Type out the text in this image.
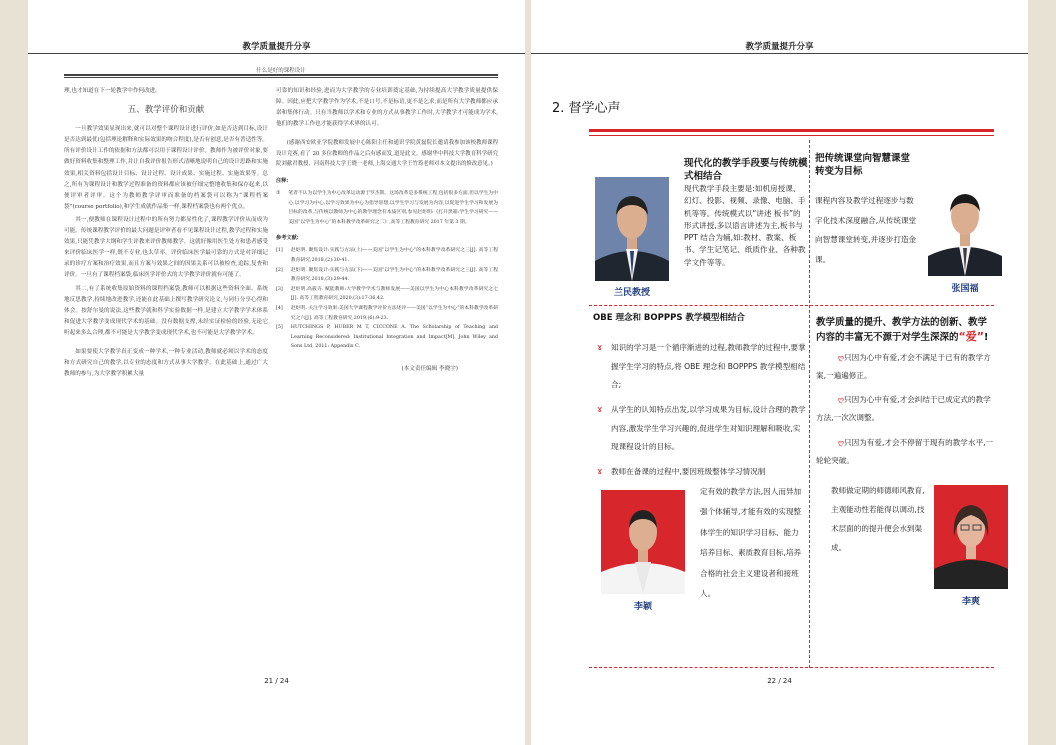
教学质量提升分享
什么是好的课程设计

理,也才知道在下一轮教学中作何改进。

五、教学评价和贡献

一旦教学效果显现出来,就可以对整个课程设计进行评价,如是否达到目标,设计是否达到最优(包括理论解释和实际效果的吻合程度),是否有创意,是否有普适性等。所有评价设计工作的依据和方法都可以用于课程设计评价。教师作为被评价对象,要做好资料收集和整理工作,并让自我评价报告形式清晰地说明自己的设计思路和实施效果,相关资料包括设计目标、设计过程、设计成果、实施过程、实施效果等。总之,所有为课程设计和教学过程准备的资料都应该被仔细完整地收集和保存起来,以便评审者评审。这个为教师教学评审而准备的档案袋可以称为“课程档案袋”(course portfolio),和学生成就作品集一样,课程档案袋也有两个优点。

其一,便教师在课程设计过程中的所有努力都显性化了,课程教学评价从而成为可能。传统课程教学评价的最大问题是评审者看不见课程设计过程,教学过程和实施效果,只能凭教学大纲和学生评教来评价教师教学。这就好像用医生处方和患者感受来评价临床医学一样,既不专业,也太草率。评价临床医学最可靠的方式是对详细记录的诊疗方案和治疗效果,而且方案与效果之间的因果关系可以被检查,追踪,复查和评价。一旦有了课程档案袋,临床医学评价式的大学教学评价就有可能了。

其二,有了系统收集原始资料的课程档案袋,教师可以根据这些资料全面、系统地反思教学,持续地改进教学,还能在此基础上撰写教学研究论文,与同行分享心得和体会。按舒尔曼的说法,这些教学就和科学实验数据一样,是建立大学教学学术体系和促进大学教学变成现代学术的基础。没有数据支撑,未经实证检验的经验,无论它听起来多么合理,都不可能是大学教学变成现代学术,也不可能是大学教学学术。

如果要使大学教学真正变成一种学术,一种专业活动,教师就必须以学术的态度和方式研究自己的教学,以专业的态度和方式从事大学教学。在此基础上,通过广大教师的参与,为大学教学积累大量

可靠的知识和经验,进而为大学教学的专业培训奠定基础,为持续提高大学教学质量提供保障。因此,应把大学教学作为学术,不是口号,不是标语,更不是乞求,而是所有大学教师都应承诺和集体行动。只有当教师以学术和专业的方式从事教学工作时,大学教学才可能成为学术,他们的教学工作也才能获得学术界的认可。

(感谢西安欧亚学院教师发展中心陈阳主任和通识学院黄磊院长邀请我参加该校教师课程设计竞赛,看了 20 多位教师的作品之后有感而发,道是此文。感谢华中科技大学教育科学研究院刘献君教授、河南科技大学王晓一老师,上海交通大学王竹筠老师对本文提出的修改意见。)

注释:
① 笔者不认为以学生为中心改革运动源于罗杰斯。这场改革是多系统工程,包括很多方面,但以学生为中心,以学习为中心,以学习效果为中心为指导思想,以学生学习与发展为内容,以促进学生学习和发展为目标的改革,与传统以教师为中心的教学理念有本质区别,参见赵炬明:《打开黑箱:学生学习研究——美国“以学生为中心”的本科教学改革研究之二》,高等工程教育研究 2017 年第 3 期。
参考文献:
[1] 赵炬明. 聚焦设计:实践与方法(上)——美国“以学生为中心”的本科教学改革研究之三[J]. 高等工程教育研究,2018,(2):30-41.
[2] 赵炬明. 聚焦设计:实践与方法(下)——美国“以学生为中心”的本科教学改革研究之三[J]. 高等工程教育研究,2018,(3):29-44.
[3] 赵炬明,高筱卉. 赋能教师:大学教学学术与教师发展——美国以学生为中心本科教学改革研究之七[J]. 高等工程教育研究,2020,(3):17-36,42.
[4] 赵炬明. 关注学习效果:美国大学课程教学评价方法述评——美国“以学生为中心”的本科教学改革研究之六[J]. 高等工程教育研究,2019,(6):9-23.
[5] HUTCHINGS P, HUBER M T, CICCONE A. The Scholarship of Teaching and Learning Reconsidered: Institutional Integration and Impact[M]. John Wiley and Sons Ltd, 2011: Appendix C.
(本文责任编辑 李晓宇)
21 / 24
教学质量提升分享
2. 督学心声
兰民教授
现代化的教学手段要与传统模式相结合
现代教学手段主要是:如机房授课、幻灯、投影、视频、录像、电脑、手机等等。传统模式以“讲述 板书”的形式讲授,多以语言讲述为主,板书与 PPT 结合为辅,如:教材、教案、板书、学生记笔记、纸质作业、各种教学文件等等。
把传统课堂向智慧课堂转变为目标
课程内容及教学过程逐步与数字化技术深度融合,从传统课堂向智慧课堂转变,并逐步打造金课。
张国福
OBE 理念和 BOPPPS 教学模型相结合
ɤ 知识的学习是一个循序渐进的过程,教师教学的过程中,要掌握学生学习的特点,将 OBE 理念和 BOPPPS 教学模型相结合;
ɤ 从学生的认知特点出发,以学习成果为目标,设计合理的教学内容,激发学生学习兴趣的,促进学生对知识理解和吸收,实现课程设计的目标。
ɤ 教师在备课的过程中,要因班级整体学习情况制
李颖
定有效的教学方法,因人而异加强个体辅导,才能有效的实现整体学生的知识学习目标、能力培养目标、素质教育目标,培养合格的社会主义建设者和接班人。
教学质量的提升、教学方法的创新、教学内容的丰富无不源于对学生深深的“爱”!
ღ只因为心中有爱,才会不满足于已有的教学方案,一遍遍修正。
ღ只因为心中有爱,才会纠结于已成定式的教学方法,一次次调整。
ღ只因为有爱,才会不停留于现有的教学水平,一轮轮突破。
教师做定期的师德师风教育,主观能动性若能得以调动,技术层面的的提升便会水到渠成。
李爽
22 / 24
